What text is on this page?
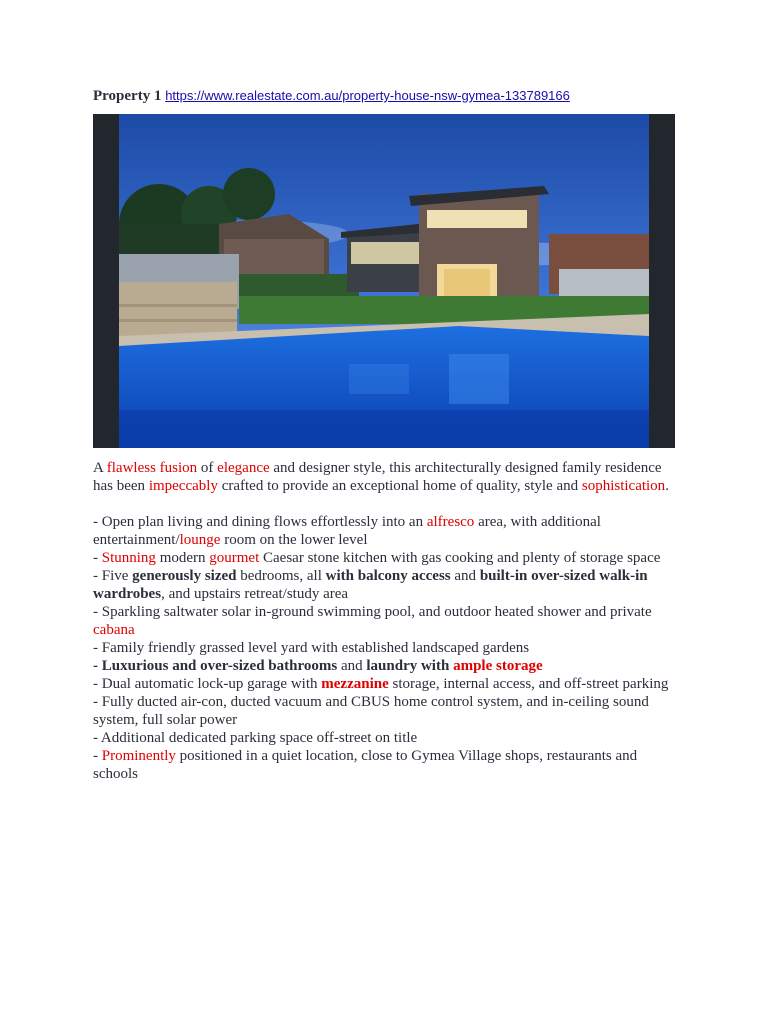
Property 1 https://www.realestate.com.au/property-house-nsw-gymea-133789166

A flawless fusion of elegance and designer style, this architecturally designed family residence has been impeccably crafted to provide an exceptional home of quality, style and sophistication.

- Open plan living and dining flows effortlessly into an alfresco area, with additional entertainment/lounge room on the lower level

- Stunning modern gourmet Caesar stone kitchen with gas cooking and plenty of storage space

- Five generously sized bedrooms, all with balcony access and built-in over-sized walk-in wardrobes, and upstairs retreat/study area

- Sparkling saltwater solar in-ground swimming pool, and outdoor heated shower and private cabana

- Family friendly grassed level yard with established landscaped gardens

- Luxurious and over-sized bathrooms and laundry with ample storage

- Dual automatic lock-up garage with mezzanine storage, internal access, and off-street parking

- Fully ducted air-con, ducted vacuum and CBUS home control system, and in-ceiling sound system, full solar power

- Additional dedicated parking space off-street on title

- Prominently positioned in a quiet location, close to Gymea Village shops, restaurants and schools
